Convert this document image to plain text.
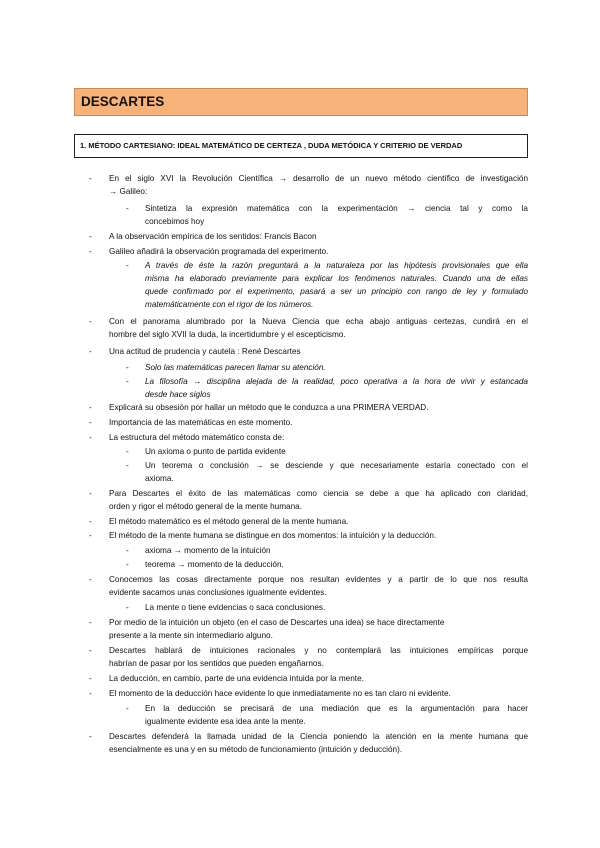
DESCARTES
1. MÉTODO CARTESIANO: IDEAL MATEMÁTICO DE CERTEZA , DUDA METÓDICA Y CRITERIO DE VERDAD
- En el siglo XVI la Revolución Científica → desarrollo de un nuevo método científico de investigación
→ Galileo:
- Sintetiza la expresión matemática con la experimentación → ciencia tal y como la
concebimos hoy
- A la observación empírica de los sentidos: Francis Bacon
- Galileo añadirá la observación programada del experimento.
- A través de éste la razón preguntará a la naturaleza por las hipótesis provisionales que ella
misma ha elaborado previamente para explicar los fenómenos naturales. Cuando una de ellas
quede confirmado por el experimento, pasará a ser un principio con rango de ley y formulado
matemáticamente con el rigor de los números.
- Con el panorama alumbrado por la Nueva Ciencia que echa abajo antiguas certezas, cundirá en el
hombre del siglo XVII la duda, la incertidumbre y el escepticismo.
- Una actitud de prudencia y cautela : René Descartes
- Solo las matemáticas parecen llamar su atención.
- La filosofía → disciplina alejada de la realidad, poco operativa a la hora de vivir y estancada
desde hace siglos
- Explicará su obsesión por hallar un método que le conduzca a una PRIMERA VERDAD.
- Importancia de las matemáticas en este momento.
- La estructura del método matemático consta de:
- Un axioma o punto de partida evidente
- Un teorema o conclusión → se desciende y que necesariamente estaría conectado con el
axioma.
- Para Descartes el éxito de las matemáticas como ciencia se debe a que ha aplicado con claridad,
orden y rigor el método general de la mente humana.
- El método matemático es el método general de la mente humana.
- El método de la mente humana se distingue en dos momentos: la intuición y la deducción.
- axioma → momento de la intuición
- teorema → momento de la deducción.
- Conocemos las cosas directamente porque nos resultan evidentes y a partir de lo que nos resulta
evidente sacamos unas conclusiones igualmente evidentes.
- La mente o tiene evidencias o saca conclusiones.
- Por medio de la intuición un objeto (en el caso de Descartes una idea) se hace directamente
presente a la mente sin intermediario alguno.
- Descartes hablará de intuiciones racionales y no contemplará las intuiciones empíricas porque
habrían de pasar por los sentidos que pueden engañarnos.
- La deducción, en cambio, parte de una evidencia intuida por la mente.
- El momento de la deducción hace evidente lo que inmediatamente no es tan claro ni evidente.
- En la deducción se precisará de una mediación que es la argumentación para hacer
igualmente evidente esa idea ante la mente.
- Descartes defenderá la llamada unidad de la Ciencia poniendo la atención en la mente humana que
esencialmente es una y en su método de funcionamiento (intuición y deducción).
